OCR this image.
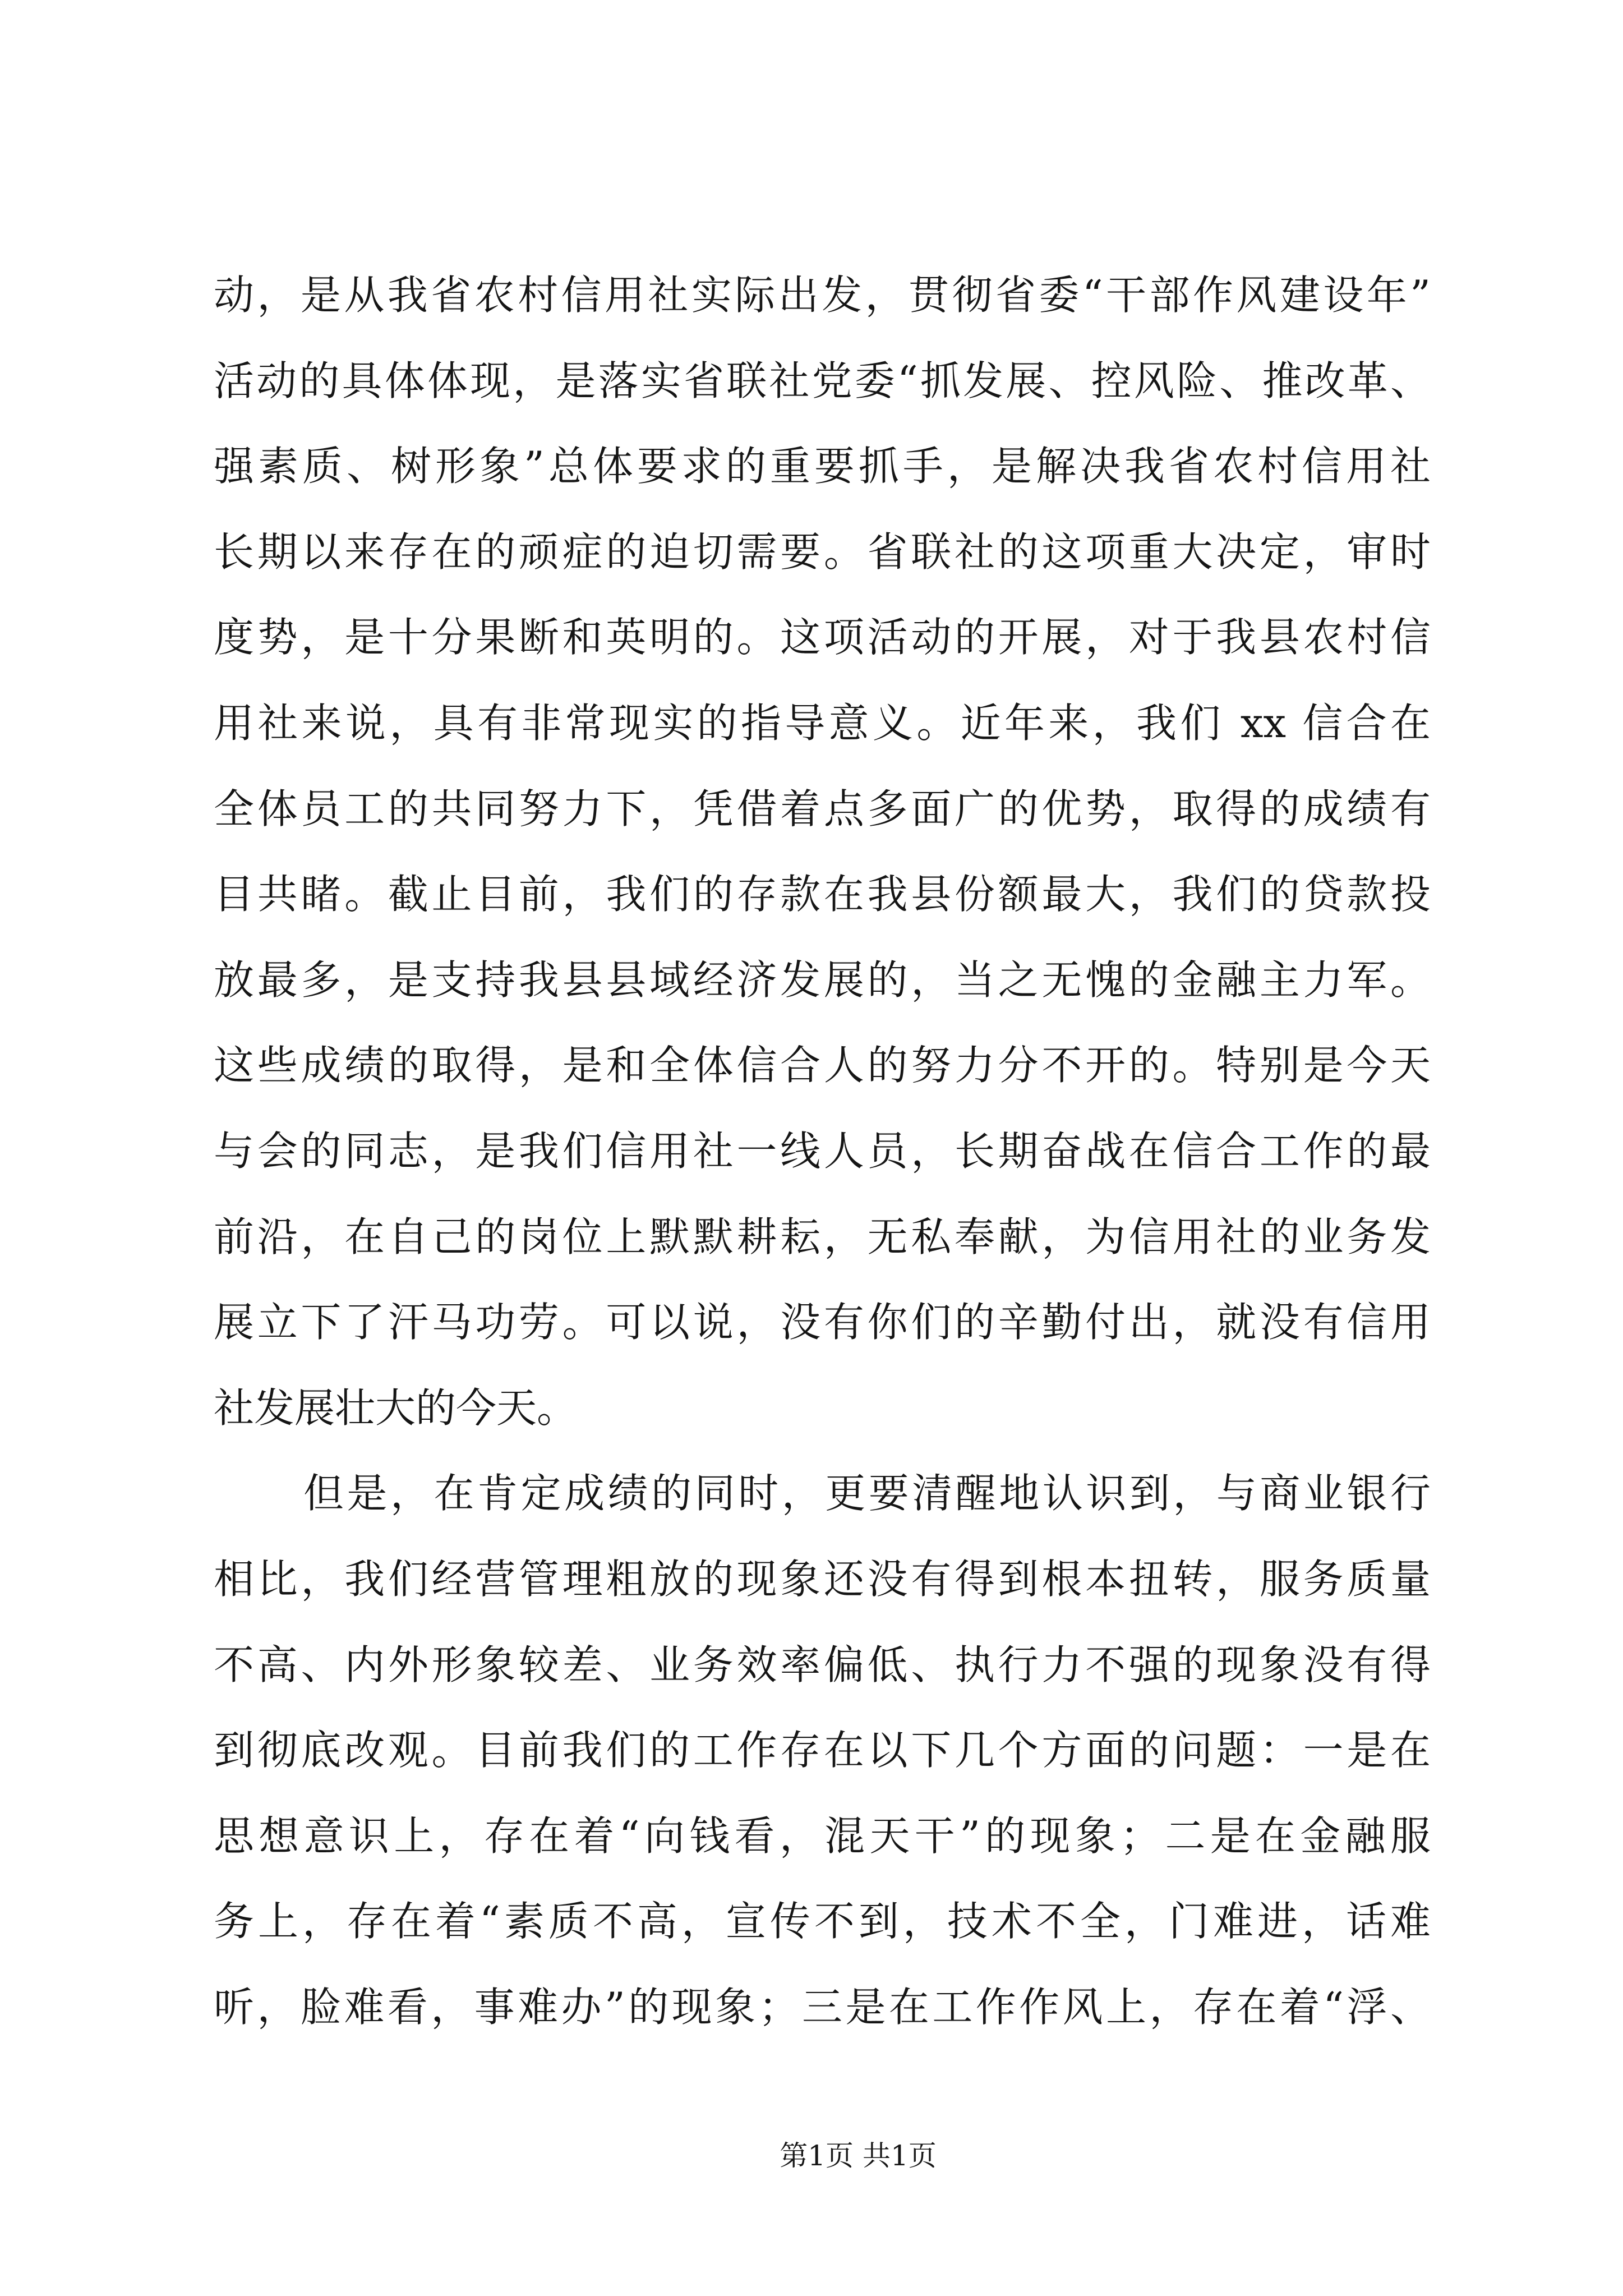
动，是从我省农村信用社实际出发，贯彻省委“干部作风建设年”
活动的具体体现，是落实省联社党委“抓发展、控风险、推改革、
强素质、树形象”总体要求的重要抓手，是解决我省农村信用社
长期以来存在的顽症的迫切需要。省联社的这项重大决定，审时
度势，是十分果断和英明的。这项活动的开展，对于我县农村信
用社来说，具有非常现实的指导意义。近年来，我们 xx 信合在
全体员工的共同努力下，凭借着点多面广的优势，取得的成绩有
目共睹。截止目前，我们的存款在我县份额最大，我们的贷款投
放最多，是支持我县县域经济发展的，当之无愧的金融主力军。
这些成绩的取得，是和全体信合人的努力分不开的。特别是今天
与会的同志，是我们信用社一线人员，长期奋战在信合工作的最
前沿，在自己的岗位上默默耕耘，无私奉献，为信用社的业务发
展立下了汗马功劳。可以说，没有你们的辛勤付出，就没有信用
社发展壮大的今天。
但是，在肯定成绩的同时，更要清醒地认识到，与商业银行
相比，我们经营管理粗放的现象还没有得到根本扭转，服务质量
不高、内外形象较差、业务效率偏低、执行力不强的现象没有得
到彻底改观。目前我们的工作存在以下几个方面的问题：一是在
思想意识上，存在着“向钱看，混天干”的现象；二是在金融服
务上，存在着“素质不高，宣传不到，技术不全，门难进，话难
听，脸难看，事难办”的现象；三是在工作作风上，存在着“浮、
第1页 共1页
